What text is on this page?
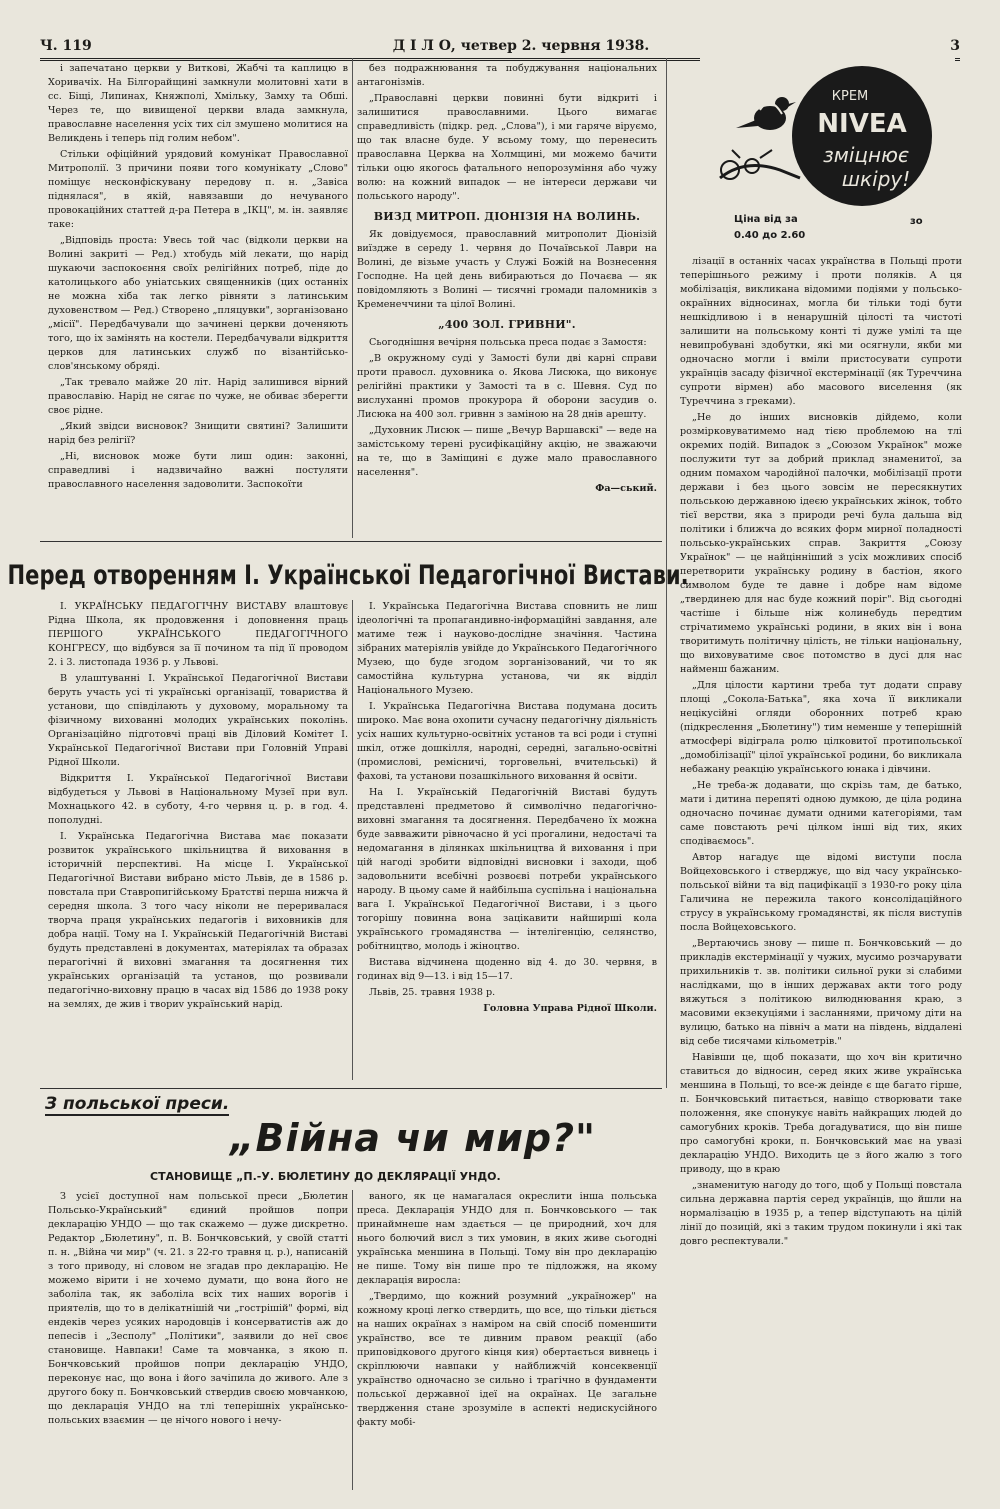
Ч. 119	Д І Л О, четвер 2. червня 1938.	3

і запечатано церкви у Виткові, Жабчі та каплицю в Хоривачіх. На Білгорайщині замкнули молитовні хати в сс. Біщі, Липинах, Княжполі, Хмільку, Замху та Обші. Через те, що вивищеної церкви влада замкнула, православне населення усіх тих сіл змушено молитися на Великдень і теперь під голим небом".

Стільки офіційний урядовий комунікат Православної Митрополії. З причини появи того комунікату „Слово" поміщує несконфіскувану передову п. н. „Завіса піднялася", в якій, навязавши до нечуваного провокаційних статтей д-ра Петера в „ІКЦ", м. ін. заявляє таке:

„Відповідь проста: Увесь той час (відколи церкви на Волині закриті — Ред.) хтобудь мій лекати, що нарід шукаючи заспокоєння своїх релігійних потреб, піде до католицького або уніатських священників (цих останніх не можна хіба так легко рівняти з латинським духовенством — Ред.) Створено „пляцувки", зорганізовано „місії". Передбачували що зачинені церкви доченяють того, що іх замінять на костели. Передбачували відкриття церков для латинських служб по візантійсько-слов'янському обряді.

„Так тревало майже 20 літ. Нарід залишився вірний православію. Нарід не сягає по чуже, не обиває зберегти своє рідне.

„Який звідси висновок? Знищити святині? Залишити нарід без релігії?

„Ні, висновок може бути лиш один: законні, справедливі і надзвичайно важні постуляти православного населення задоволити. Заспокоїти

без подражнювання та побуджування національних антагонізмів.

„Православні церкви повинні бути відкриті і залишитися православними. Цього вимагає справедливість (підкр. ред. „Слова"), і ми гаряче віруємо, що так власне буде. У всьому тому, що перенесить православна Церква на Холмщині, ми можемо бачити тільки оцю якогось фатального непорозуміння або чужу волю: на кожний випадок — не інтереси держави чи польського народу".

ВИЗД МИТРОП. ДІОНІЗІЯ НА ВОЛИНЬ.

Як довідуємося, православний митрополит Діонізій виїздже в середу 1. червня до Почаївської Лаври на Волині, де візьме участь у Служі Божій на Вознесення Господне. На цей день вибираються до Почаєва — як повідомляють з Волині — тисячні громади паломників з Кременеччини та цілої Волині.

„400 ЗОЛ. ГРИВНИ".

Сьогоднішня вечірня польська преса подає з Замостя:

„В окружному суді у Замості були дві карні справи проти правосл. духовника о. Якова Лисюка, що виконує релігійні практики у Замості та в с. Шевня. Суд по вислуханні промов прокурора й оборони засудив о. Лисюка на 400 зол. гривнн з заміною на 28 днів арешту.

„Духовник Лисюк — пише „Вечур Варшавскі" — веде на замістському терені русифікаційну акцію, не зважаючи на те, що в Заміщині є дуже мало православного населення".

Фа—ський.
КРЕМ
NIVEA
зміцнює
шкіру!
Ціна від за
0.40 до 2.60
зо

лізації в останніх часах українства в Польщі проти теперішнього режиму і проти поляків. А ця мобілізація, викликана відомими подіями у польсько-окраїнних відносинах, могла би тільки тоді бути нешкідливою і в ненарушній цілості та чистоті залишити на польському конті ті дуже умілі та ще невипробувані здобутки, які ми осягнули, якби ми одночасно могли і вміли пристосувати супроти українців засаду фізичної екстермінації (як Туреччина супроти вірмен) або масового виселення (як Туреччина з греками).

„Не до інших висновків дійдемо, коли розмірковуватимемо над тією проблемою на тлі окремих подій. Випадок з „Союзом Українок" може послужити тут за добрий приклад знаменитої, за одним помахом чародійної палочки, мобілізації проти держави і без цього зовсім не пересякнутих польською державною ідеєю українських жінок, тобто тієї верстви, яка з природи речі була дальша від політики і ближча до всяких форм мирної поладності польсько-українських справ. Закриття „Союзу Українок" — це найцінніший з усіх можливих спосіб перетворити українську родину в бастіон, якого символом буде те давне і добре нам відоме „твердинею для нас буде кожний поріг". Від сьогодні частіше і більше ніж колинебудь передтим стрічатимемо українські родини, в яких він і вона творитимуть політичну цілість, не тільки національну, що виховуватиме своє потомство в дусі для нас найменш бажаним.

„Для цілости картини треба тут додати справу площі „Сокола-Батька", яка хоча її викликали нецікусійні огляди оборонних потреб краю (підкреслення „Бюлетину") тим неменше у теперішній атмосфері відіграла ролю цілковитої протипольської „домобілізації" цілої української родини, бо викликала небажану реакцію українського юнака і дівчини.

„Не треба-ж додавати, що скрізь там, де батько, мати і дитина перепяті одною думкою, де ціла родина одночасно починає думати одними категоріями, там саме повстають речі цілком інші від тих, яких сподіваємось".

Автор нагадує ще відомі виступи посла Войцеховського і стверджує, що від часу українсько-польської війни та від пацифікації з 1930-го року ціла Галичина не пережила такого консолідаційного струсу в українському громадянстві, як після виступів посла Войцеховського.

„Вертаючись знову — пише п. Бончковський — до прикладів екстермінації у чужих, мусимо розчарувати прихильників т. зв. політики сильної руки зі слабими наслідками, що в інших державах акти того роду вяжуться з політикою вилюднювання краю, з масовими екзекуціями і засланнями, причому діти на вулицю, батько на північ а мати на південь, віддалені від себе тисячами кільометрів."

Навівши це, щоб показати, що хоч він критично ставиться до відносин, серед яких живе українська меншина в Польщі, то все-ж деінде є ще багато гірше, п. Бончковський питається, навіщо створювати таке положення, яке спонукує навіть найкращих людей до самогубних кроків. Треба догадуватися, що він пише про самогубні кроки, п. Бончковський має на увазі декларацію УНДО. Виходить це з його жалю з того приводу, що в краю

„знаменитую нагоду до того, щоб у Польщі повстала сильна державна партія серед українців, що йшли на нормалізацію в 1935 р, а тепер відступають на цілій лінії до позицій, які з таким трудом покинули і які так довго респектували."

Перед отворенням І. Української Педагогічної Вистави.

І. УКРАЇНСЬКУ ПЕДАГОГІЧНУ ВИСТАВУ влаштовує Рідна Школа, як продовження і доповнення праць ПЕРШОГО УКРАЇНСЬКОГО ПЕДАГОГІЧНОГО КОНГРЕСУ, що відбувся за її почином та під її проводом 2. і 3. листопада 1936 р. у Львові.

В улаштуванні І. Української Педагогічної Вистави беруть участь усі ті українські організації, товариства й установи, що співділають у духовому, моральному та фізичному вихованні молодих українських поколінь. Організаційно підготовчі праці вів Діловий Комітет І. Української Педагогічної Вистави при Головній Управі Рідної Школи.

Відкриття І. Української Педагогічної Вистави відбудеться у Львові в Національному Музеї при вул. Мохнацького 42. в суботу, 4-го червня ц. р. в год. 4. пополудні.

І. Українська Педагогічна Вистава має показати розвиток українського шкільництва й виховання в історичній перспективі. На місце І. Української Педагогічної Вистави вибрано місто Львів, де в 1586 р. повстала при Ставропигійському Братстві перша нижча й середня школа. З того часу ніколи не переривалася творча праця українських педагогів і виховників для добра нації. Тому на І. Українській Педагогічній Виставі будуть представлені в документах, матеріялах та образах перагогічні й виховні змагання та досягнення тих українських організацій та установ, що розвивали педагогічно-виховну працю в часах від 1586 до 1938 року на землях, де жив і твориv український нарід.

І. Українська Педагогічна Виставa сповнить не лиш ідеологічні та пропагандивно-інформаційні завдання, але матиме теж і науково-дослідне значіння. Частина зібраних матеріялів увійде до Українського Педагогічного Музею, що буде згодом зорганізований, чи то як самостійна культурна установа, чи як відділ Національного Музею.

І. Українська Педагогічна Вистава подумана досить широко. Має вона охопити сучасну педагогічну діяльність усіх наших культурно-освітніх установ та всі роди і ступні шкіл, отже дошкілля, народні, середні, загально-освітні (промислові, ремісничі, торговельні, вчительські) й фахові, та установи позашкільного виховання й освіти.

На І. Українській Педагогічній Виставі будуть представлені предметово й символічно педагогічно-виховні змагання та досягнення. Передбачено їх можна буде завважити рівночасно й усі прогалини, недостачі та недомагання в ділянках шкільництва й виховання і при цій нагоді зробити відповідні висновки і заходи, щоб задовольнити всебічні розвоєві потреби українського народу. В цьому саме й найбільша суспільна і національна вага І. Української Педагогічної Вистави, і з цього тогорішу повинна вона зацікавити найширші кола українського громадянства — інтелігенцію, селянство, робітництво, молодь і жіноцтво.

Вистава відчинена щоденно від 4. до 30. червня, в годинах від 9—13. і від 15—17.

Львів, 25. травня 1938 р.

Головна Управа Рідної Школи.
З польської преси.
„Війна чи мир?"
СТАНОВИЩЕ „П.-У. БЮЛЕТИНУ ДО ДЕКЛЯРАЦІЇ УНДО.

З усієї доступної нам польської преси „Бюлетин Польсько-Український" єдиний пройшов попри декларацію УНДО — що так скажемо — дуже дискретно. Редактор „Бюлетину", п. В. Бончковський, у своїй статті п. н. „Війна чи мир" (ч. 21. з 22-го травня ц. р.), написаній з того приводу, ні словом не згадав про декларацію. Не можемо вірити і не хочемо думати, що вона його не заболіла так, як заболіла всіх тих наших ворогів і приятелів, що то в делікатнішій чи „гострішій" формі, від ендеків через усяких народовців і консерватистів аж до пепесів і „Зесполу" „Політики", заявили до неї своє становище. Навпаки! Саме та мовчанка, з якою п. Бончковський пройшов попри декларацію УНДО, переконує нас, що вона і його зачіпила до живого. Але з другого боку п. Бончковський ствердив своєю мовчанкою, що декларація УНДО на тлі теперішніх українсько-польських взаємин — це нічого нового і нечу-

ваного, як це намагалася окреслити інша польська преса. Декларація УНДО для п. Бончковського — так принаймнеше нам здається — це природний, хоч для нього болючий висл з тих умовин, в яких живе сьогодні українська меншина в Польщі. Тому він про декларацію не пише. Тому він пише про те підложжя, на якому декларація виросла:

„Твердимо, що кожний розумний „україножер" на кожному кроці легко ствердить, що все, що тільки діється на наших окраїнах з наміром на свій спосіб поменшити українство, все те дивним правом реакції (або приповідкового другого кінця кия) обертається вивнець і скріплюючи навпаки у найближчій консеквенції українство одночасно зе сильно і трагічно в фундаменти польської державної ідеї на окраїнах. Це загальне твердження стане зрозуміле в аспекті недискусійного факту мобі-
